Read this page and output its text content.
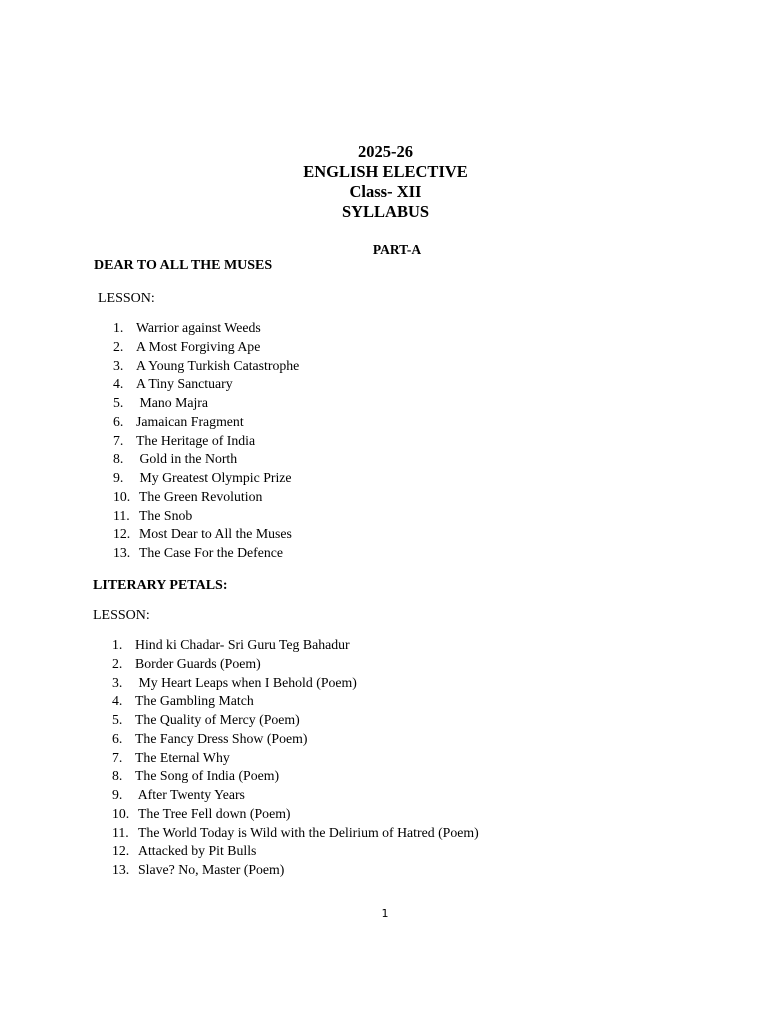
2025-26
ENGLISH ELECTIVE
Class- XII
SYLLABUS
PART-A
DEAR TO ALL THE MUSES
LESSON:
1. Warrior against Weeds
2. A Most Forgiving Ape
3. A Young Turkish Catastrophe
4. A Tiny Sanctuary
5. Mano Majra
6. Jamaican Fragment
7. The Heritage of India
8. Gold in the North
9. My Greatest Olympic Prize
10. The Green Revolution
11. The Snob
12. Most Dear to All the Muses
13. The Case For the Defence
LITERARY PETALS:
LESSON:
1. Hind ki Chadar- Sri Guru Teg Bahadur
2. Border Guards (Poem)
3. My Heart Leaps when I Behold (Poem)
4. The Gambling Match
5. The Quality of Mercy (Poem)
6. The Fancy Dress Show (Poem)
7. The Eternal Why
8. The Song of India (Poem)
9. After Twenty Years
10. The Tree Fell down (Poem)
11. The World Today is Wild with the Delirium of Hatred (Poem)
12. Attacked by Pit Bulls
13. Slave? No, Master (Poem)
1
